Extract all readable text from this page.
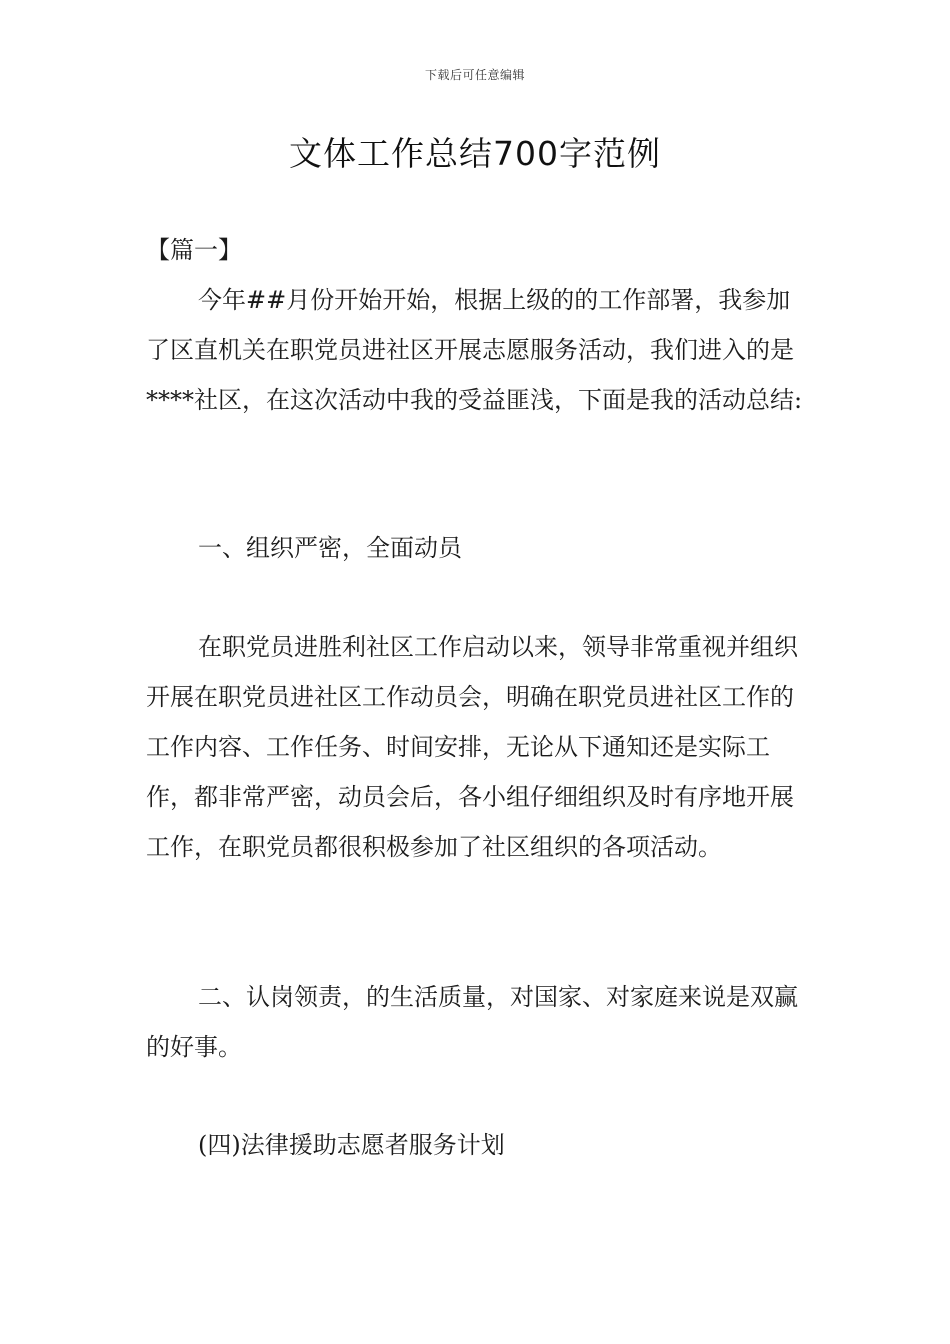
下载后可任意编辑
文体工作总结700字范例
【篇一】
今年##月份开始开始，根据上级的的工作部署，我参加了区直机关在职党员进社区开展志愿服务活动，我们进入的是****社区，在这次活动中我的受益匪浅，下面是我的活动总结:
一、组织严密，全面动员
在职党员进胜利社区工作启动以来，领导非常重视并组织开展在职党员进社区工作动员会，明确在职党员进社区工作的工作内容、工作任务、时间安排，无论从下通知还是实际工作，都非常严密，动员会后，各小组仔细组织及时有序地开展工作，在职党员都很积极参加了社区组织的各项活动。
二、认岗领责，的生活质量，对国家、对家庭来说是双赢的好事。
(四)法律援助志愿者服务计划
